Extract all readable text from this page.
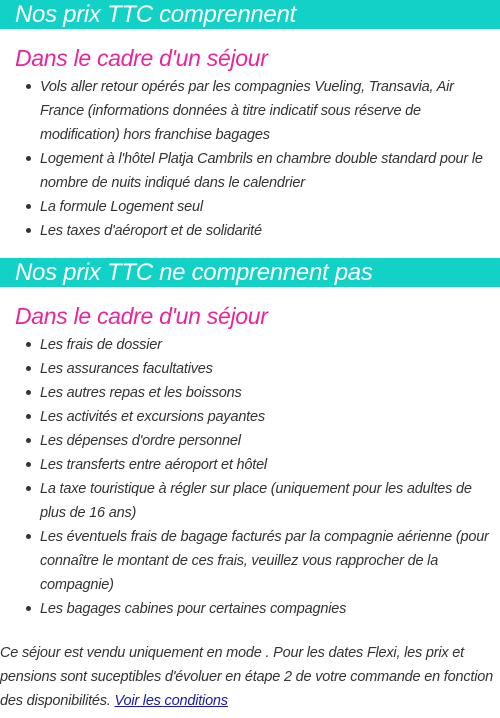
Nos prix TTC comprennent
Dans le cadre d'un séjour
Vols aller retour opérés par les compagnies Vueling, Transavia, Air France (informations données à titre indicatif sous réserve de modification) hors franchise bagages
Logement à l'hôtel Platja Cambrils en chambre double standard pour le nombre de nuits indiqué dans le calendrier
La formule Logement seul
Les taxes d'aéroport et de solidarité
Nos prix TTC ne comprennent pas
Dans le cadre d'un séjour
Les frais de dossier
Les assurances facultatives
Les autres repas et les boissons
Les activités et excursions payantes
Les dépenses d'ordre personnel
Les transferts entre aéroport et hôtel
La taxe touristique à régler sur place (uniquement pour les adultes de plus de 16 ans)
Les éventuels frais de bagage facturés par la compagnie aérienne (pour connaître le montant de ces frais, veuillez vous rapprocher de la compagnie)
Les bagages cabines pour certaines compagnies

Ce séjour est vendu uniquement en mode . Pour les dates Flexi, les prix et pensions sont suceptibles d'évoluer en étape 2 de votre commande en fonction des disponibilités. Voir les conditions
